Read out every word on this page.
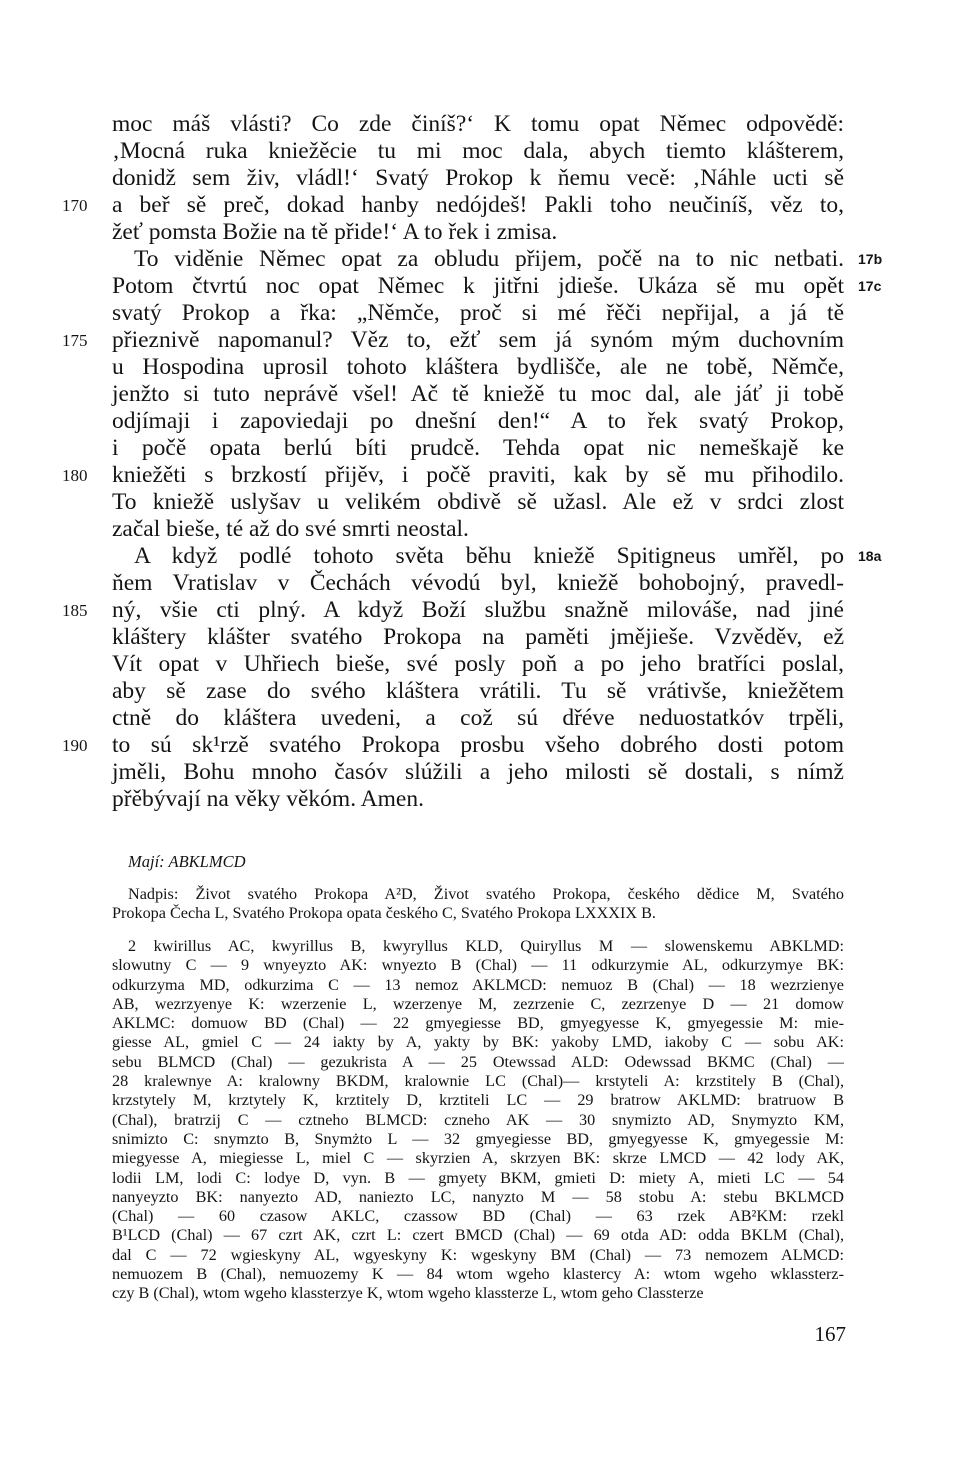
moc máš vlásti? Co zde činíš?‘ K tomu opat Němec odpovědě:
‚Mocná ruka kniežěcie tu mi moc dala, abych tiemto klášterem,
donidž sem živ, vládl!‘ Svatý Prokop k ňemu vecě: ‚Náhle ucti sě
a beř sě preč, dokad hanby nedójdeš! Pakli toho neučiníš, věz to,
žeť pomsta Božie na tě přide!‘ A to řek i zmisa.
To viděnie Němec opat za obludu přijem, počě na to nic netbati.
Potom čtvrtú noc opat Němec k jitřni jdieše. Ukáza sě mu opět
svatý Prokop a řka: „Němče, proč si mé řěči nepřijal, a já tě
přieznivě napomanul? Věz to, ežť sem já synóm mým duchovním
u Hospodina uprosil tohoto kláštera bydlišče, ale ne tobě, Němče,
jenžto si tuto neprávě všel! Ač tě kniežě tu moc dal, ale jáť ji tobě
odjímaji i zapoviedaji po dnešní den!“ A to řek svatý Prokop,
i počě opata berlú bíti prudcě. Tehda opat nic nemeškajě ke
kniežěti s brzkostí přijěv, i počě praviti, kak by sě mu přihodilo.
To kniežě uslyšav u velikém obdivě sě užasl. Ale ež v srdci zlost
začal bieše, té až do své smrti neostal.
A když podlé tohoto světa běhu kniežě Spitigneus umřěl, po
ňem Vratislav v Čechách vévodú byl, kniežě bohobojný, pravedl-
ný, všie cti plný. A když Boží službu snažně milováše, nad jiné
kláštery klášter svatého Prokopa na paměti jmějieše. Vzvěděv, ež
Vít opat v Uhřiech bieše, své posly poň a po jeho bratříci poslal,
aby sě zase do svého kláštera vrátili. Tu sě vrátivše, kniežětem
ctně do kláštera uvedeni, a což sú dřéve neduostatkóv trpěli,
to sú sk¹rzě svatého Prokopa prosbu všeho dobrého dosti potom
jměli, Bohu mnoho časóv slúžili a jeho milosti sě dostali, s nímž
přěbývají na věky věkóm. Amen.
170
175
180
185
190
17b
17c
18a
Mají: ABKLMCD
Nadpis: Život svatého Prokopa A²D, Život svatého Prokopa, českého dědice M, Svatého
Prokopa Čecha L, Svatého Prokopa opata českého C, Svatého Prokopa LXXXIX B.
2 kwirillus AC, kwyrillus B, kwyryllus KLD, Quiryllus M — slowenskemu ABKLMD:
slowutny C — 9 wnyeyzto AK: wnyezto B (Chal) — 11 odkurzymie AL, odkurzymye BK:
odkurzyma MD, odkurzima C — 13 nemoz AKLMCD: nemuoz B (Chal) — 18 wezrzienye
AB, wezrzyenye K: wzerzenie L, wzerzenye M, zezrzenie C, zezrzenye D — 21 domow
AKLMC: domuow BD (Chal) — 22 gmyegiesse BD, gmyegyesse K, gmyegessie M: mie-
giesse AL, gmiel C — 24 iakty by A, yakty by BK: yakoby LMD, iakoby C — sobu AK:
sebu BLMCD (Chal) — gezukrista A — 25 Otewssad ALD: Odewssad BKMC (Chal) —
28 kralewnye A: kralowny BKDM, kralownie LC (Chal)— krstyteli A: krzstitely B (Chal),
krzstytely M, krztytely K, krztitely D, krztiteli LC — 29 bratrow AKLMD: bratruow B
(Chal), bratrzij C — cztneho BLMCD: czneho AK — 30 snymizto AD, Snymyzto KM,
snimizto C: snymzto B, Snymżto L — 32 gmyegiesse BD, gmyegyesse K, gmyegessie M:
miegyesse A, miegiesse L, miel C — skyrzien A, skrzyen BK: skrze LMCD — 42 lody AK,
lodii LM, lodi C: lodye D, vyn. B — gmyety BKM, gmieti D: miety A, mieti LC — 54
nanyeyzto BK: nanyezto AD, naniezto LC, nanyzto M — 58 stobu A: stebu BKLMCD
(Chal) — 60 czasow AKLC, czassow BD (Chal) — 63 rzek AB²KM: rzekl
B¹LCD (Chal) — 67 czrt AK, czrt L: czert BMCD (Chal) — 69 otda AD: odda BKLM (Chal),
dal C — 72 wgieskyny AL, wgyeskyny K: wgeskyny BM (Chal) — 73 nemozem ALMCD:
nemuozem B (Chal), nemuozemy K — 84 wtom wgeho klastercy A: wtom wgeho wklassterz-
czy B (Chal), wtom wgeho klassterzye K, wtom wgeho klassterze L, wtom geho Classterze
167
